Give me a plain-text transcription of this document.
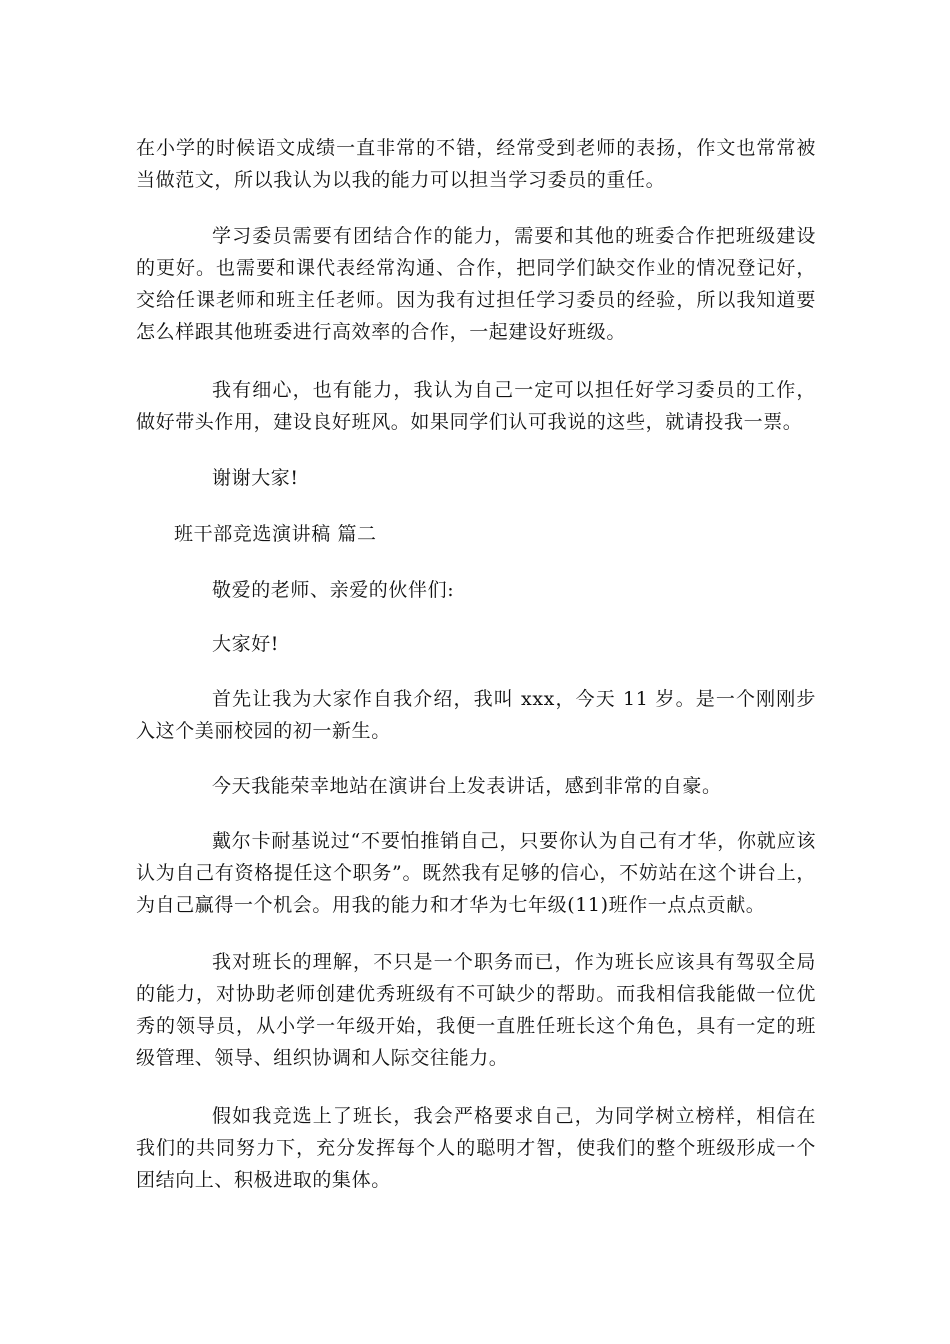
在小学的时候语文成绩一直非常的不错，经常受到老师的表扬，作文也常常被当做范文，所以我认为以我的能力可以担当学习委员的重任。

学习委员需要有团结合作的能力，需要和其他的班委合作把班级建设的更好。也需要和课代表经常沟通、合作，把同学们缺交作业的情况登记好，交给任课老师和班主任老师。因为我有过担任学习委员的经验，所以我知道要怎么样跟其他班委进行高效率的合作，一起建设好班级。

我有细心，也有能力，我认为自己一定可以担任好学习委员的工作，做好带头作用，建设良好班风。如果同学们认可我说的这些，就请投我一票。

谢谢大家!

班干部竞选演讲稿 篇二

敬爱的老师、亲爱的伙伴们:

大家好!

首先让我为大家作自我介绍，我叫 xxx，今天 11 岁。是一个刚刚步入这个美丽校园的初一新生。

今天我能荣幸地站在演讲台上发表讲话，感到非常的自豪。

戴尔卡耐基说过“不要怕推销自己，只要你认为自己有才华，你就应该认为自己有资格提任这个职务”。既然我有足够的信心，不妨站在这个讲台上，为自己赢得一个机会。用我的能力和才华为七年级(11)班作一点点贡献。

我对班长的理解，不只是一个职务而已，作为班长应该具有驾驭全局的能力，对协助老师创建优秀班级有不可缺少的帮助。而我相信我能做一位优秀的领导员，从小学一年级开始，我便一直胜任班长这个角色，具有一定的班级管理、领导、组织协调和人际交往能力。

假如我竞选上了班长，我会严格要求自己，为同学树立榜样，相信在我们的共同努力下，充分发挥每个人的聪明才智，使我们的整个班级形成一个团结向上、积极进取的集体。
